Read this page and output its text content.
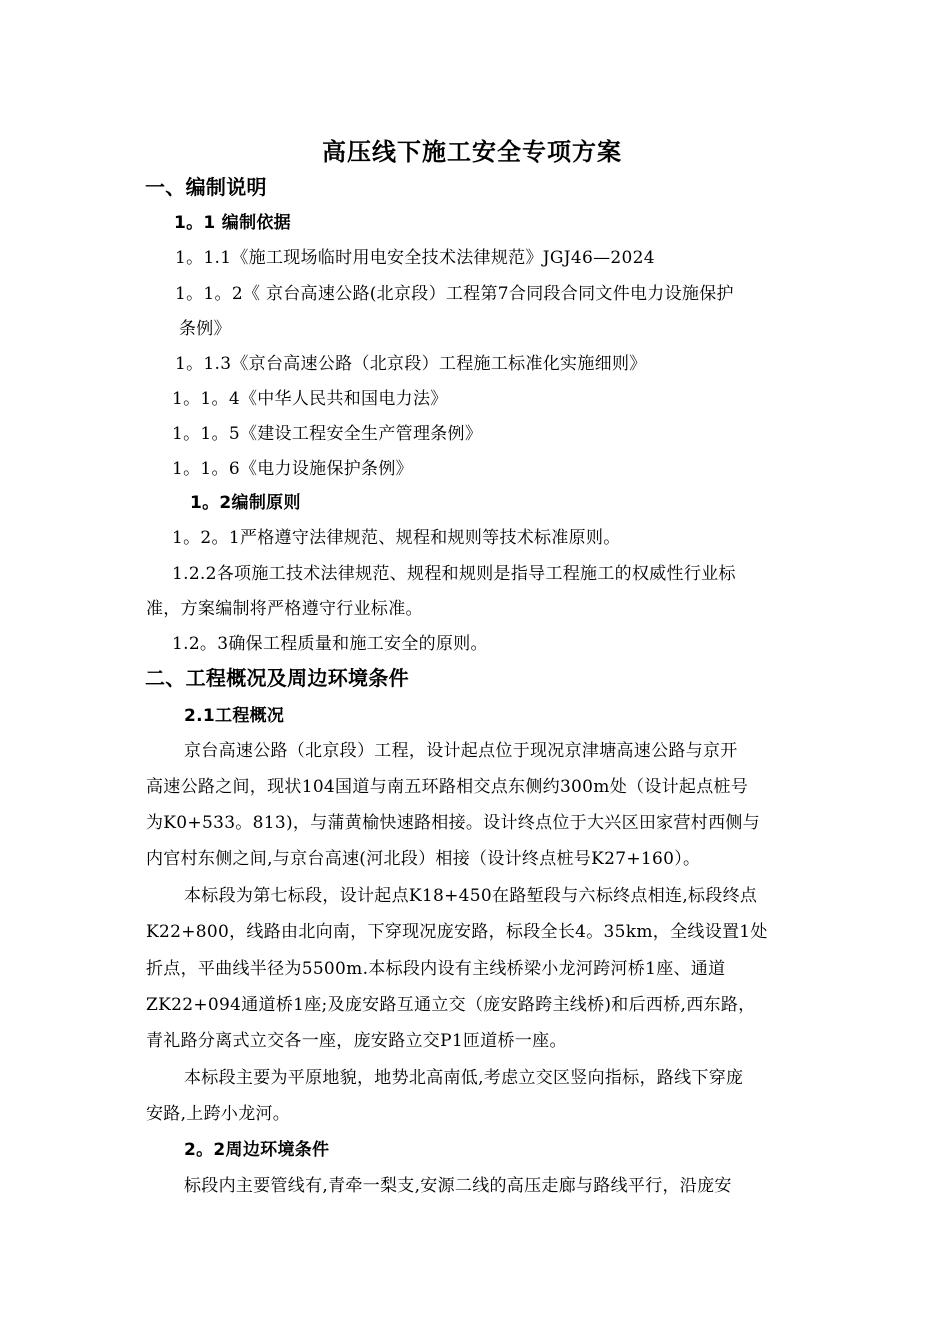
高压线下施工安全专项方案
一、编制说明
1。1 编制依据
1。1.1《施工现场临时用电安全技术法律规范》JGJ46—2024
1。1。2《 京台高速公路(北京段）工程第7合同段合同文件电力设施保护
条例》
1。1.3《京台高速公路（北京段）工程施工标准化实施细则》
1。1。4《中华人民共和国电力法》
1。1。5《建设工程安全生产管理条例》
1。1。6《电力设施保护条例》
1。2编制原则
1。2。1严格遵守法律规范、规程和规则等技术标准原则。
1.2.2各项施工技术法律规范、规程和规则是指导工程施工的权威性行业标
准，方案编制将严格遵守行业标准。
1.2。3确保工程质量和施工安全的原则。
二、工程概况及周边环境条件
2.1工程概况
京台高速公路（北京段）工程，设计起点位于现况京津塘高速公路与京开
高速公路之间，现状104国道与南五环路相交点东侧约300m处（设计起点桩号
为K0+533。813)，与蒲黄榆快速路相接。设计终点位于大兴区田家营村西侧与
内官村东侧之间,与京台高速(河北段）相接（设计终点桩号K27+160）。
本标段为第七标段，设计起点K18+450在路堑段与六标终点相连,标段终点
K22+800，线路由北向南，下穿现况庞安路，标段全长4。35km，全线设置1处
折点，平曲线半径为5500m.本标段内设有主线桥梁小龙河跨河桥1座、通道
ZK22+094通道桥1座;及庞安路互通立交（庞安路跨主线桥)和后西桥,西东路，
青礼路分离式立交各一座，庞安路立交P1匝道桥一座。
本标段主要为平原地貌，地势北高南低,考虑立交区竖向指标，路线下穿庞
安路,上跨小龙河。
2。2周边环境条件
标段内主要管线有,青牵一梨支,安源二线的高压走廊与路线平行，沿庞安
